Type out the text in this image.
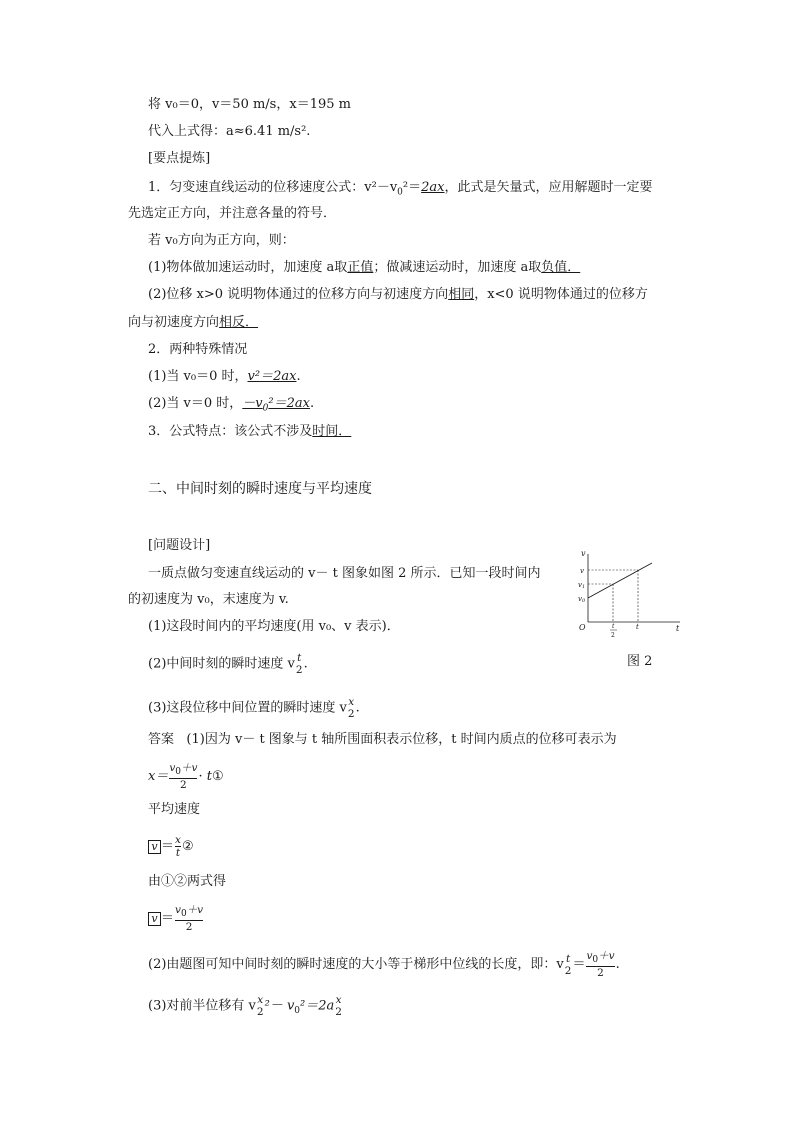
将 v₀＝0，v＝50 m/s，x＝195 m
代入上式得：a≈6.41 m/s².
[要点提炼]
1．匀变速直线运动的位移速度公式：$v^2-v_0^2=2ax$，此式是矢量式，应用解题时一定要
先选定正方向，并注意各量的符号．
若 v₀方向为正方向，则：
(1)物体做加速运动时，加速度 a取正值；做减速运动时，加速度 a取负值．
(2)位移 x>0 说明物体通过的位移方向与初速度方向相同，x<0 说明物体通过的位移方
向与初速度方向相反．
2．两种特殊情况
(1)当 v₀＝0 时，v²＝2ax.
(2)当 v＝0 时，$-v_0^2=2ax$.
3．公式特点：该公式不涉及时间．
二、中间时刻的瞬时速度与平均速度
[问题设计]
一质点做匀变速直线运动的 v－ t 图象如图 2 所示．已知一段时间内
的初速度为 v₀，末速度为 v.
(1)这段时间内的平均速度(用 v₀、v 表示)．
(2)中间时刻的瞬时速度 v t
2 .
(3)这段位移中间位置的瞬时速度 v x
2 .
答案 (1)因为 v－ t 图象与 t 轴所围面积表示位移，t 时间内质点的位移可表示为
$x= \frac{v_0+v}{2}$ · t①
平均速度
$v = \frac{x}{t}$ ②
由①②两式得
$v = \frac{v_0+v}{2}$
(2)由题图可知中间时刻的瞬时速度的大小等于梯形中位线的长度，即：v t
$2 = \frac{v_0+v}{2}$ .
(3)对前半位移有 v x
2 $^2- v_0^2=2a$ x
2
v
t
O
v
v1
v0
t
t
2
图 2
